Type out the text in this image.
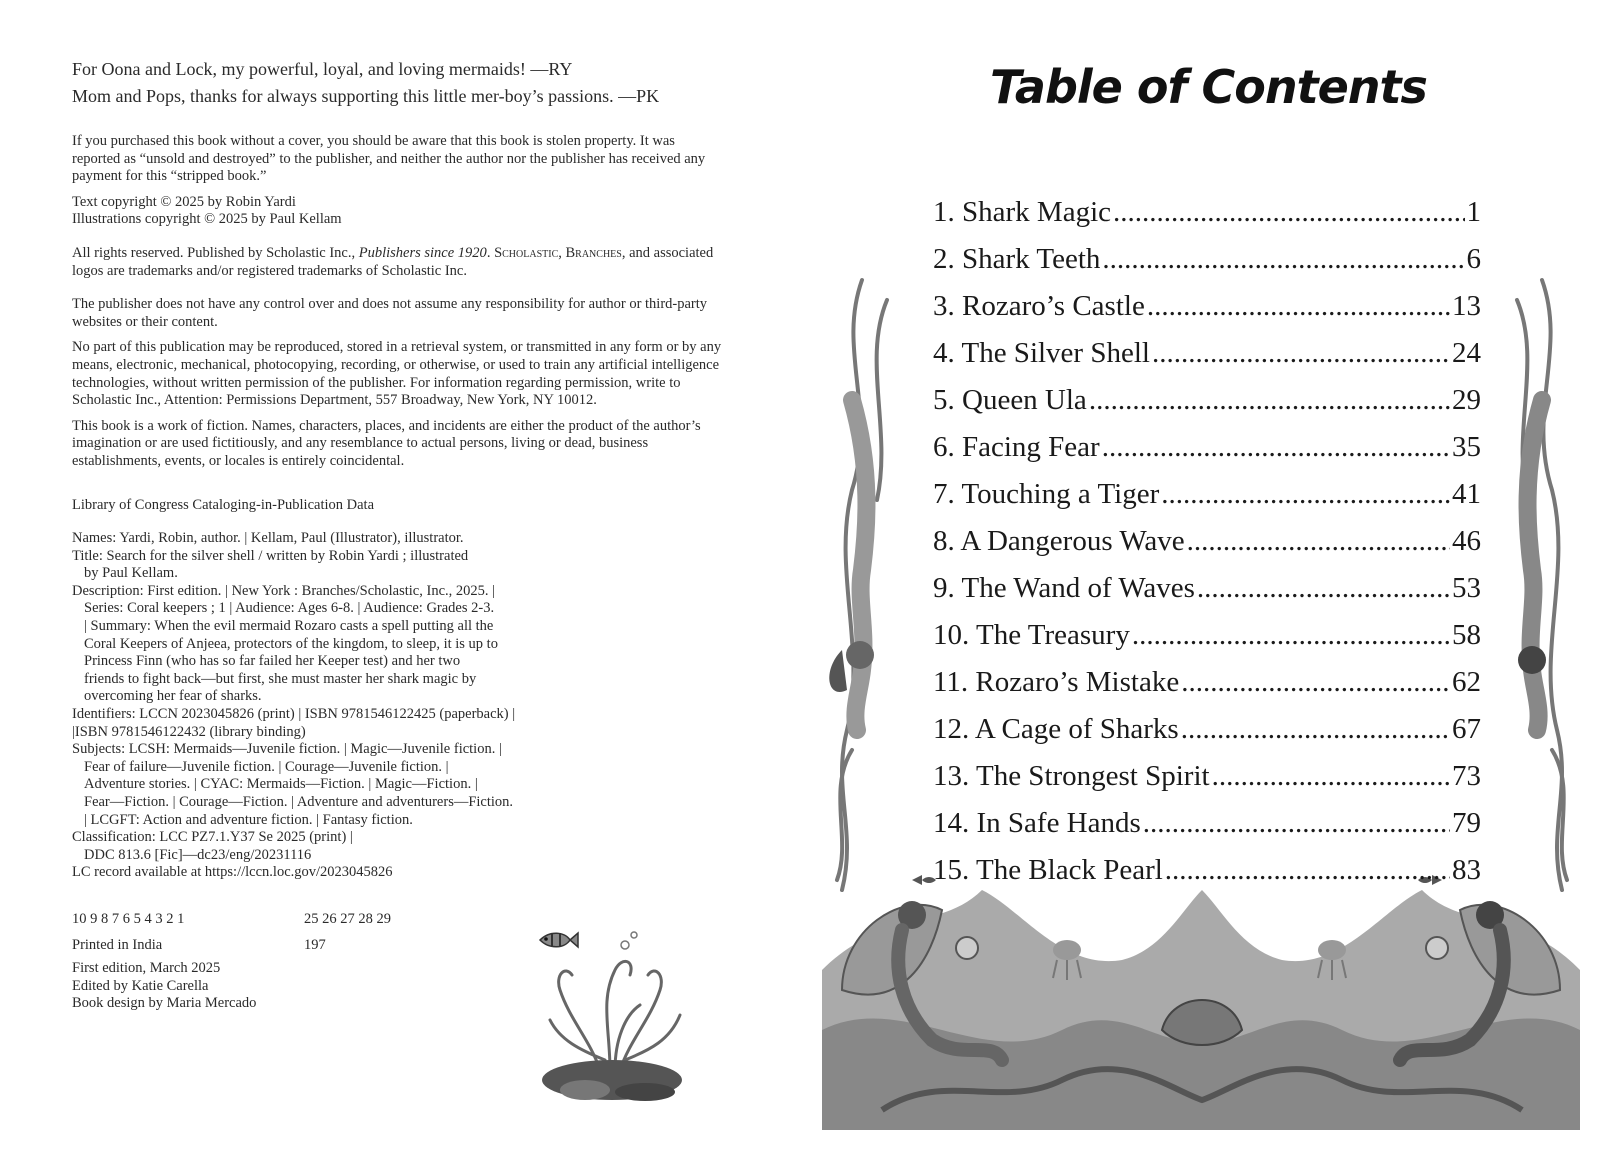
For Oona and Lock, my powerful, loyal, and loving mermaids! —RY

Mom and Pops, thanks for always supporting this little mer-boy’s passions. —PK

If you purchased this book without a cover, you should be aware that this book is stolen property. It was reported as “unsold and destroyed” to the publisher, and neither the author nor the publisher has received any payment for this “stripped book.”

Text copyright © 2025 by Robin Yardi

Illustrations copyright © 2025 by Paul Kellam

All rights reserved. Published by Scholastic Inc., Publishers since 1920. Scholastic, Branches, and associated logos are trademarks and/or registered trademarks of Scholastic Inc.

The publisher does not have any control over and does not assume any responsibility for author or third-party websites or their content.

No part of this publication may be reproduced, stored in a retrieval system, or transmitted in any form or by any means, electronic, mechanical, photocopying, recording, or otherwise, or used to train any artificial intelligence technologies, without written permission of the publisher. For information regarding permission, write to Scholastic Inc., Attention: Permissions Department, 557 Broadway, New York, NY 10012.

This book is a work of fiction. Names, characters, places, and incidents are either the product of the author’s imagination or are used fictitiously, and any resemblance to actual persons, living or dead, business establishments, events, or locales is entirely coincidental.

Library of Congress Cataloging-in-Publication Data

Names: Yardi, Robin, author. | Kellam, Paul (Illustrator), illustrator.

Title: Search for the silver shell / written by Robin Yardi ; illustrated

by Paul Kellam.

Description: First edition. | New York : Branches/Scholastic, Inc., 2025. |

Series: Coral keepers ; 1 | Audience: Ages 6-8. | Audience: Grades 2-3.

| Summary: When the evil mermaid Rozaro casts a spell putting all the

Coral Keepers of Anjeea, protectors of the kingdom, to sleep, it is up to

Princess Finn (who has so far failed her Keeper test) and her two

friends to fight back—but first, she must master her shark magic by

overcoming her fear of sharks.

Identifiers: LCCN 2023045826 (print) | ISBN 9781546122425 (paperback) |

|ISBN 9781546122432 (library binding)

Subjects: LCSH: Mermaids—Juvenile fiction. | Magic—Juvenile fiction. |

Fear of failure—Juvenile fiction. | Courage—Juvenile fiction. |

Adventure stories. | CYAC: Mermaids—Fiction. | Magic—Fiction. |

Fear—Fiction. | Courage—Fiction. | Adventure and adventurers—Fiction.

| LCGFT: Action and adventure fiction. | Fantasy fiction.

Classification: LCC PZ7.1.Y37 Se 2025 (print) |

DDC 813.6 [Fic]—dc23/eng/20231116

LC record available at https://lccn.loc.gov/2023045826

10 9 8 7 6 5 4 3 2 1	25 26 27 28 29
Printed in India	197

First edition, March 2025

Edited by Katie Carella

Book design by Maria Mercado

Table of Contents
1. Shark Magic .....	1
2. Shark Teeth .....	6
3. Rozaro’s Castle .....	13
4. The Silver Shell .....	24
5. Queen Ula .....	29
6. Facing Fear .....	35
7. Touching a Tiger .....	41
8. A Dangerous Wave .....	46
9. The Wand of Waves .....	53
10. The Treasury .....	58
11. Rozaro’s Mistake .....	62
12. A Cage of Sharks .....	67
13. The Strongest Spirit .....	73
14. In Safe Hands .....	79
15. The Black Pearl .....	83
